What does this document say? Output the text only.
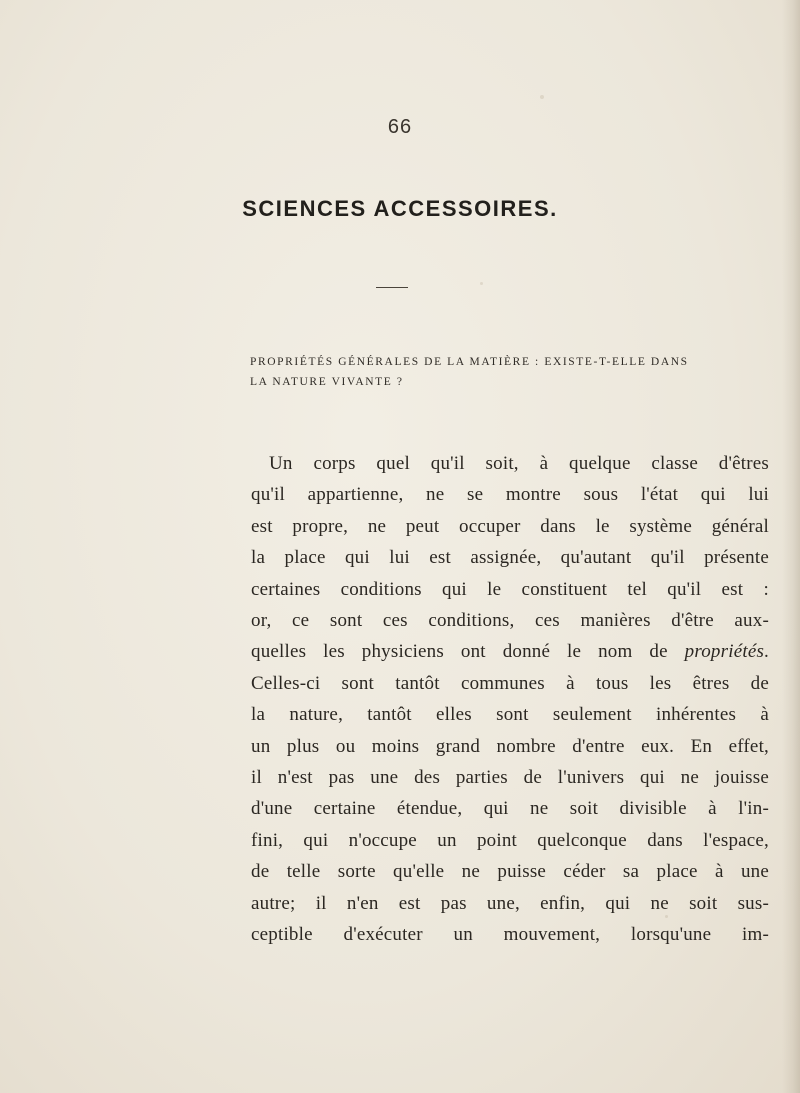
66
SCIENCES ACCESSOIRES.
PROPRIÉTÉS GÉNÉRALES DE LA MATIÈRE : EXISTE-T-ELLE DANS
LA NATURE VIVANTE ?
Un corps quel qu'il soit, à quelque classe d'êtres
qu'il appartienne, ne se montre sous l'état qui lui
est propre, ne peut occuper dans le système général
la place qui lui est assignée, qu'autant qu'il présente
certaines conditions qui le constituent tel qu'il est :
or, ce sont ces conditions, ces manières d'être aux-
quelles les physiciens ont donné le nom de propriétés.
Celles-ci sont tantôt communes à tous les êtres de
la nature, tantôt elles sont seulement inhérentes à
un plus ou moins grand nombre d'entre eux. En effet,
il n'est pas une des parties de l'univers qui ne jouisse
d'une certaine étendue, qui ne soit divisible à l'in-
fini, qui n'occupe un point quelconque dans l'espace,
de telle sorte qu'elle ne puisse céder sa place à une
autre; il n'en est pas une, enfin, qui ne soit sus-
ceptible d'exécuter un mouvement, lorsqu'une im-
